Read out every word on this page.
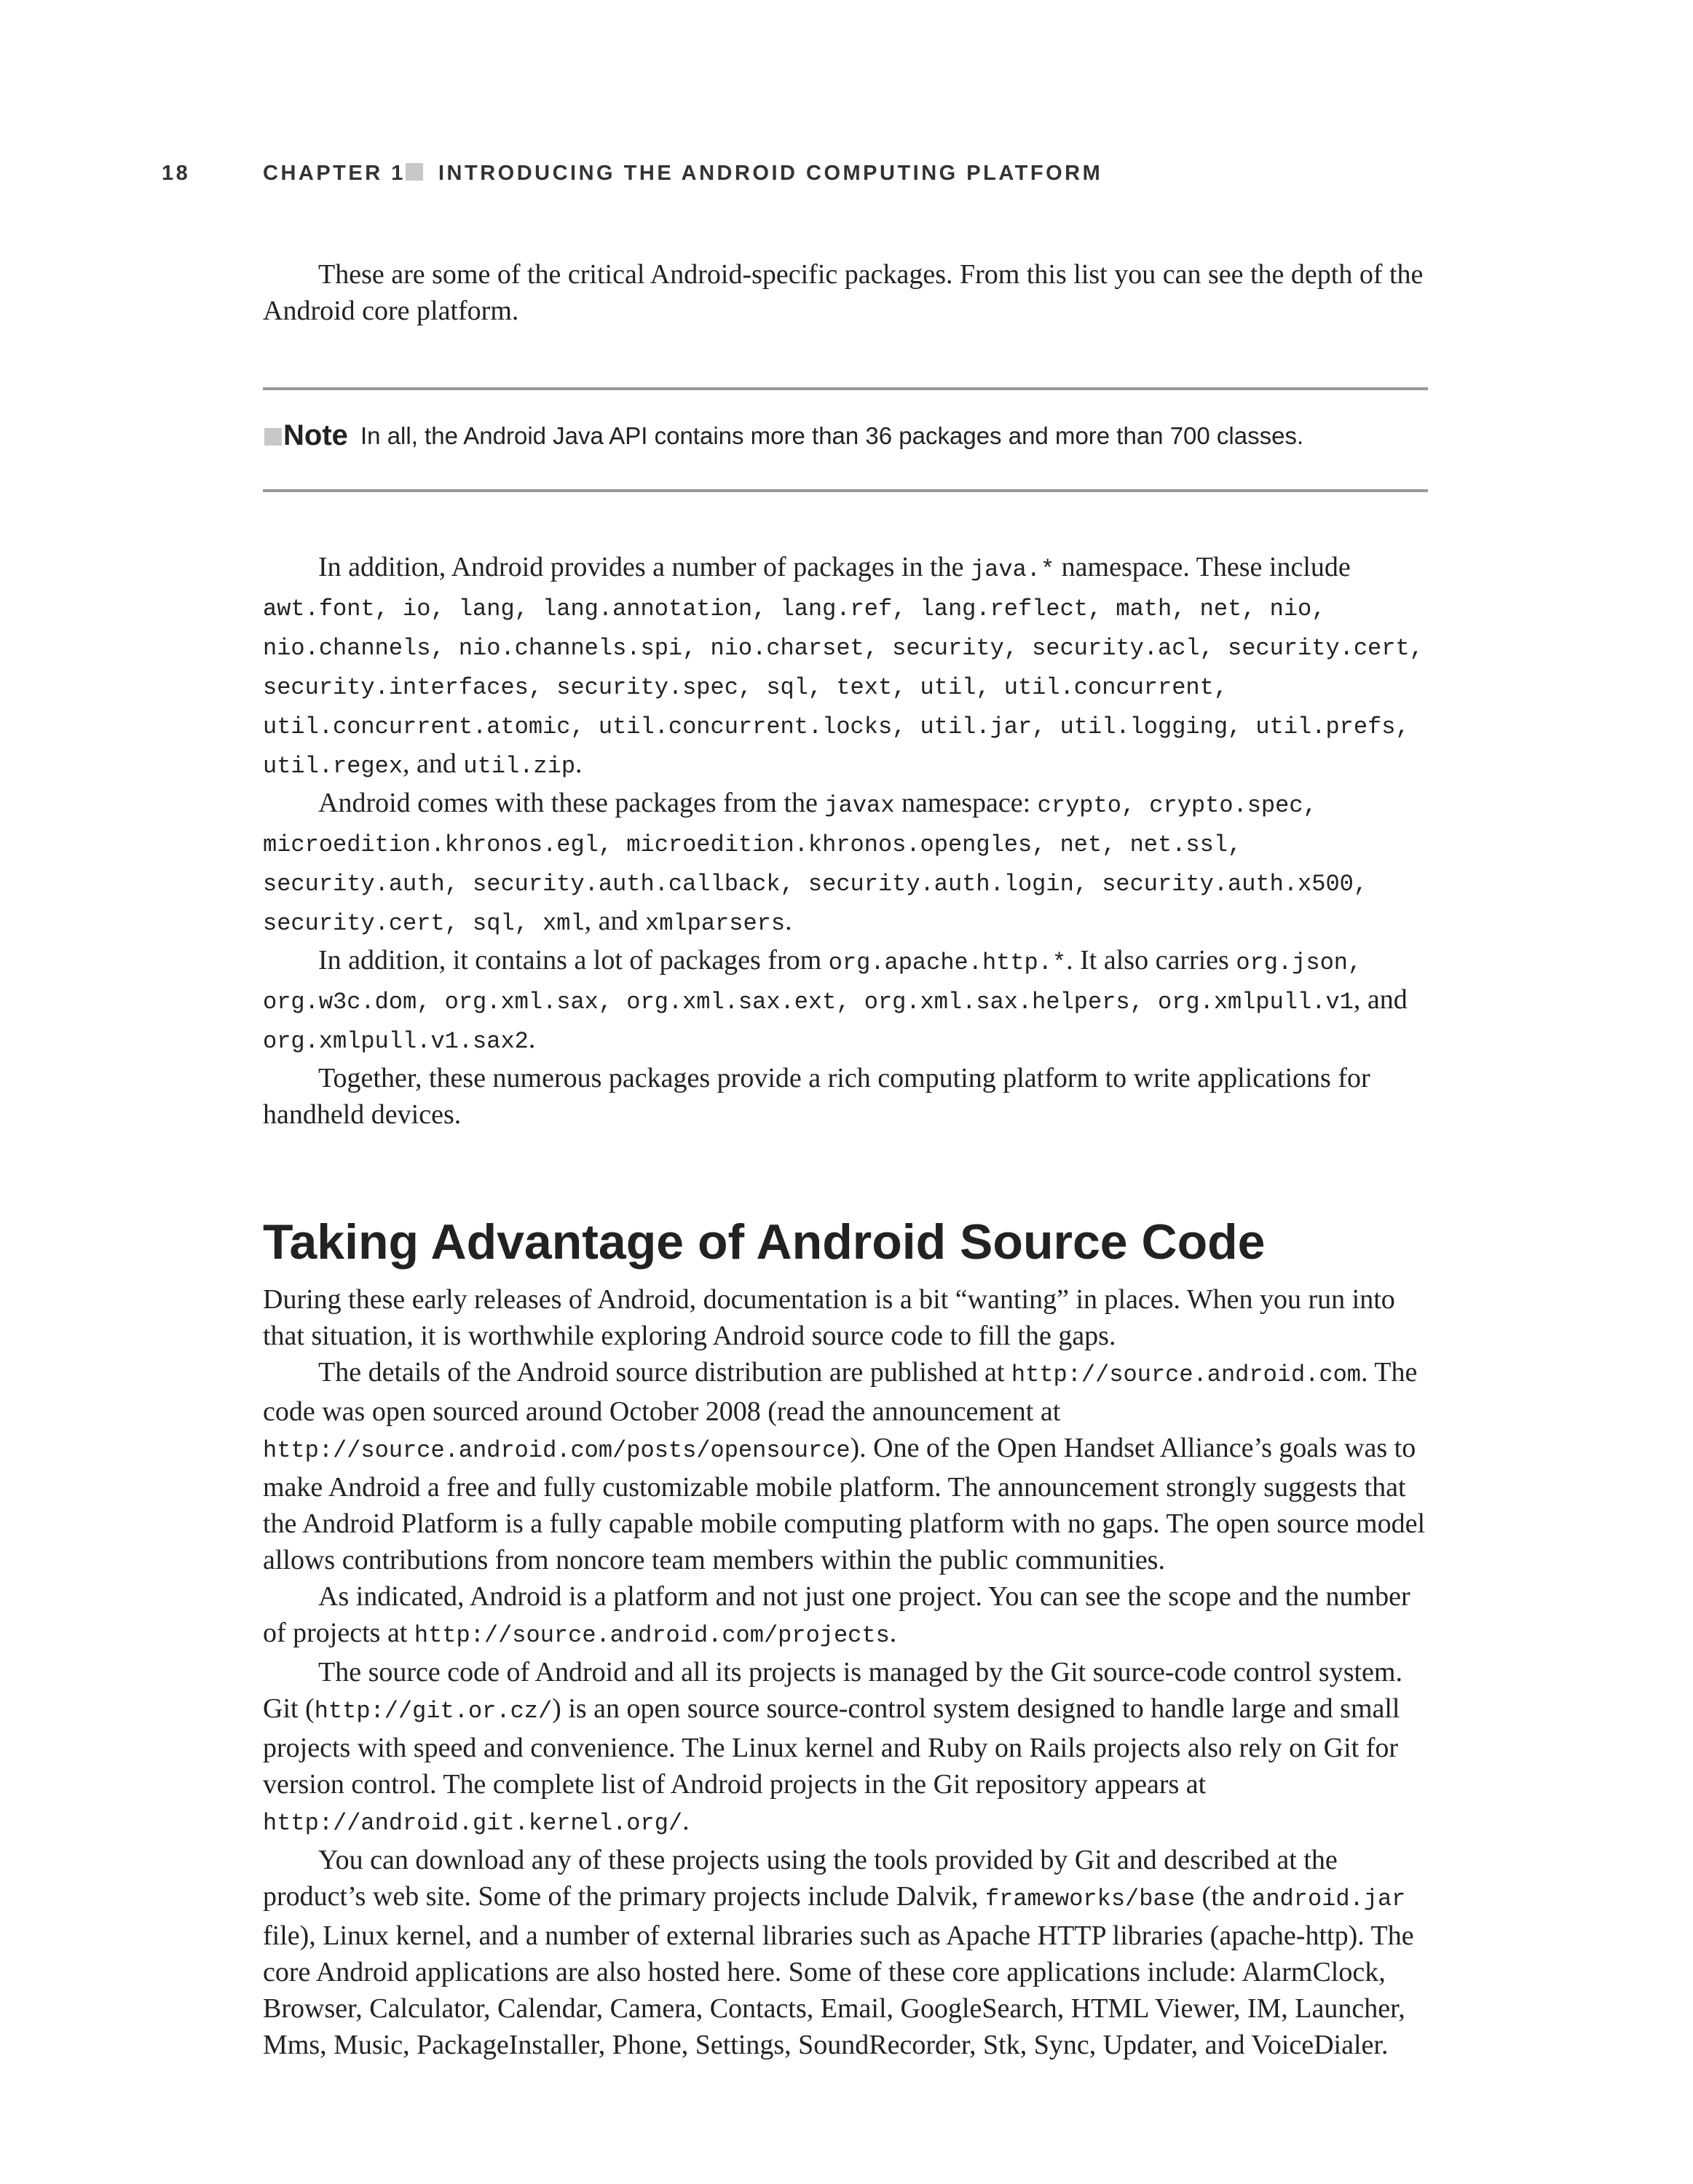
18	CHAPTER 1 INTRODUCING THE ANDROID COMPUTING PLATFORM

These are some of the critical Android-specific packages. From this list you can see the depth of the Android core platform.

Note In all, the Android Java API contains more than 36 packages and more than 700 classes.

In addition, Android provides a number of packages in the java.* namespace. These include awt.font, io, lang, lang.annotation, lang.ref, lang.reflect, math, net, nio, nio.channels, nio.channels.spi, nio.charset, security, security.acl, security.cert, security.interfaces, security.spec, sql, text, util, util.concurrent, util.concurrent.atomic, util.concurrent.locks, util.jar, util.logging, util.prefs, util.regex, and util.zip.

Android comes with these packages from the javax namespace: crypto, crypto.spec, microedition.khronos.egl, microedition.khronos.opengles, net, net.ssl, security.auth, security.auth.callback, security.auth.login, security.auth.x500, security.cert, sql, xml, and xmlparsers.

In addition, it contains a lot of packages from org.apache.http.*. It also carries org.json, org.w3c.dom, org.xml.sax, org.xml.sax.ext, org.xml.sax.helpers, org.xmlpull.v1, and org.xmlpull.v1.sax2.

Together, these numerous packages provide a rich computing platform to write applications for handheld devices.

Taking Advantage of Android Source Code

During these early releases of Android, documentation is a bit “wanting” in places. When you run into that situation, it is worthwhile exploring Android source code to fill the gaps.

The details of the Android source distribution are published at http://source.android.com. The code was open sourced around October 2008 (read the announcement at http://source.android.com/posts/opensource). One of the Open Handset Alliance’s goals was to make Android a free and fully customizable mobile platform. The announcement strongly suggests that the Android Platform is a fully capable mobile computing platform with no gaps. The open source model allows contributions from noncore team members within the public communities.

As indicated, Android is a platform and not just one project. You can see the scope and the number of projects at http://source.android.com/projects.

The source code of Android and all its projects is managed by the Git source-code control system. Git (http://git.or.cz/) is an open source source-control system designed to handle large and small projects with speed and convenience. The Linux kernel and Ruby on Rails projects also rely on Git for version control. The complete list of Android projects in the Git repository appears at http://android.git.kernel.org/.

You can download any of these projects using the tools provided by Git and described at the product’s web site. Some of the primary projects include Dalvik, frameworks/base (the android.jar file), Linux kernel, and a number of external libraries such as Apache HTTP libraries (apache-http). The core Android applications are also hosted here. Some of these core applications include: AlarmClock, Browser, Calculator, Calendar, Camera, Contacts, Email, GoogleSearch, HTML Viewer, IM, Launcher, Mms, Music, PackageInstaller, Phone, Settings, SoundRecorder, Stk, Sync, Updater, and VoiceDialer.
